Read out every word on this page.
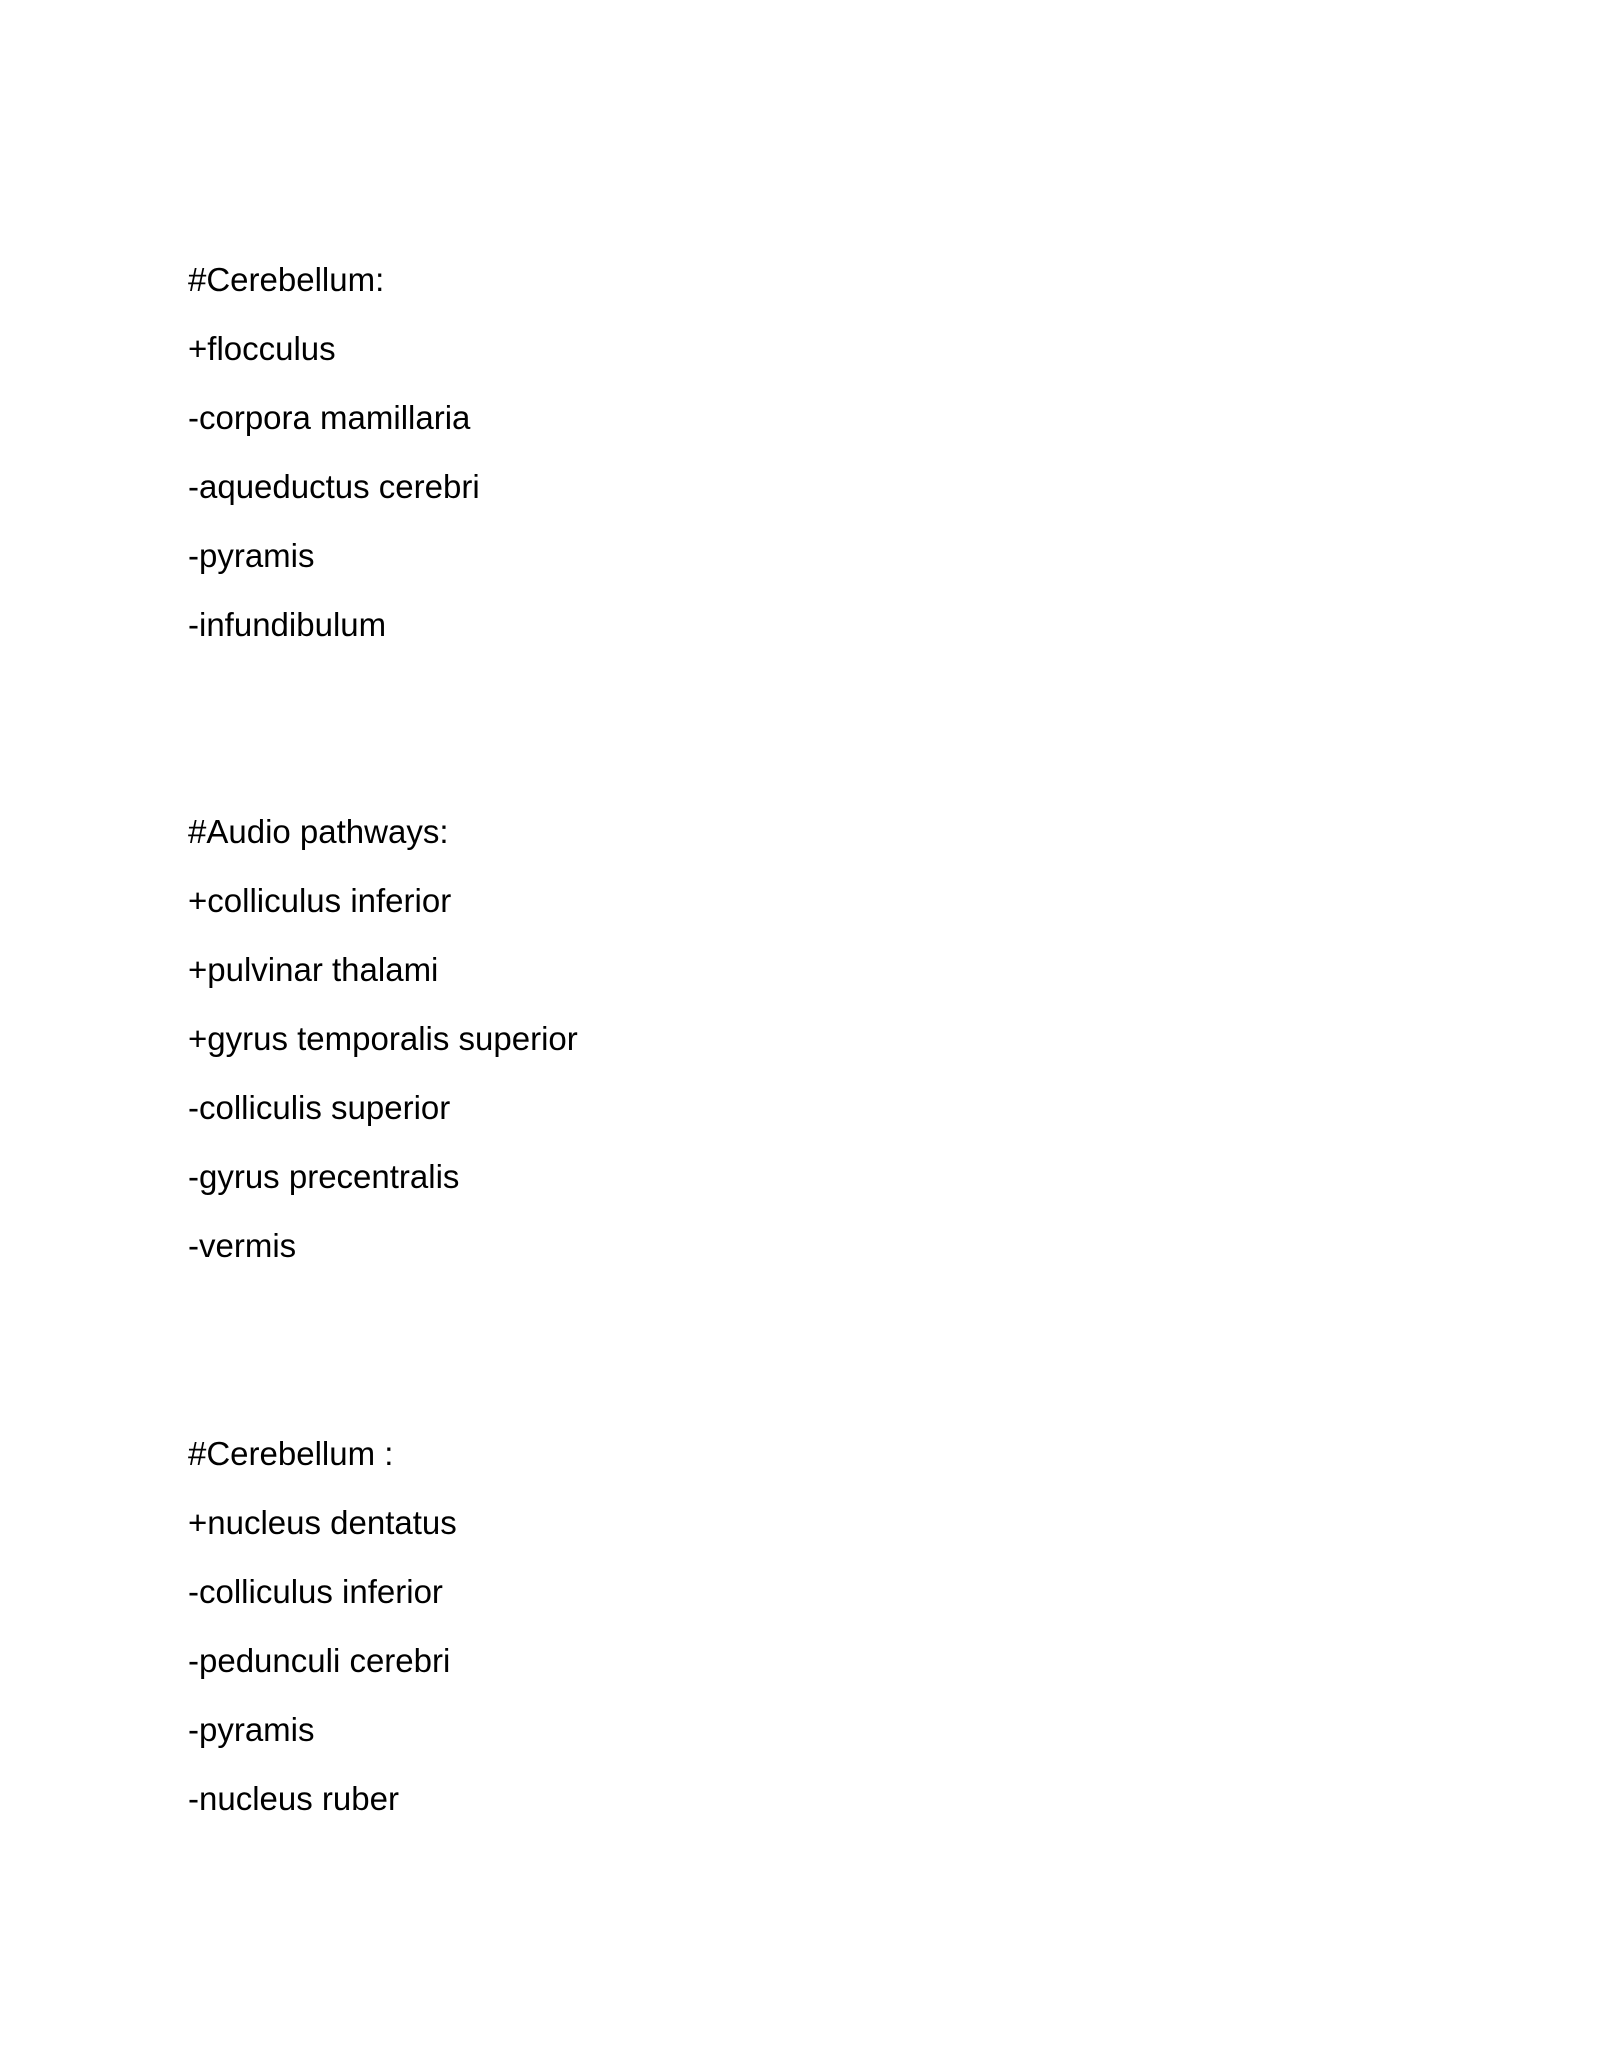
#Cerebellum:
+flocculus
-corpora mamillaria
-aqueductus cerebri
-pyramis
-infundibulum
#Audio pathways:
+colliculus inferior
+pulvinar thalami
+gyrus temporalis superior
-colliculis superior
-gyrus precentralis
-vermis
#Cerebellum :
+nucleus dentatus
-colliculus inferior
-pedunculi cerebri
-pyramis
-nucleus ruber
